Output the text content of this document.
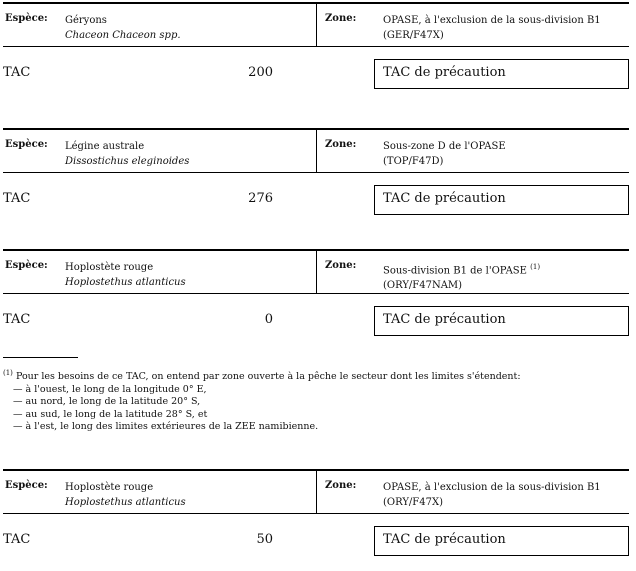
Espèce: Géryons
Chaceon Chaceon spp.
Zone:	OPASE, à l'exclusion de la sous-division B1
(GER/F47X)
TAC	200	TAC de précaution
Espèce: Légine australe
Dissostichus eleginoides
Zone:	Sous-zone D de l'OPASE
(TOP/F47D)
TAC	276	TAC de précaution
Espèce: Hoplostète rouge
Hoplostethus atlanticus
Zone:	Sous-division B1 de l'OPASE $^{(1)}$
(ORY/F47NAM)
TAC	0	TAC de précaution
$^{(1)}$ Pour les besoins de ce TAC, on entend par zone ouverte à la pêche le secteur dont les limites s'étendent:
— à l'ouest, le long de la longitude 0° E,
— au nord, le long de la latitude 20° S,
— au sud, le long de la latitude 28° S, et
— à l'est, le long des limites extérieures de la ZEE namibienne.
Espèce: Hoplostète rouge
Hoplostethus atlanticus
Zone:	OPASE, à l'exclusion de la sous-division B1
(ORY/F47X)
TAC	50	TAC de précaution
